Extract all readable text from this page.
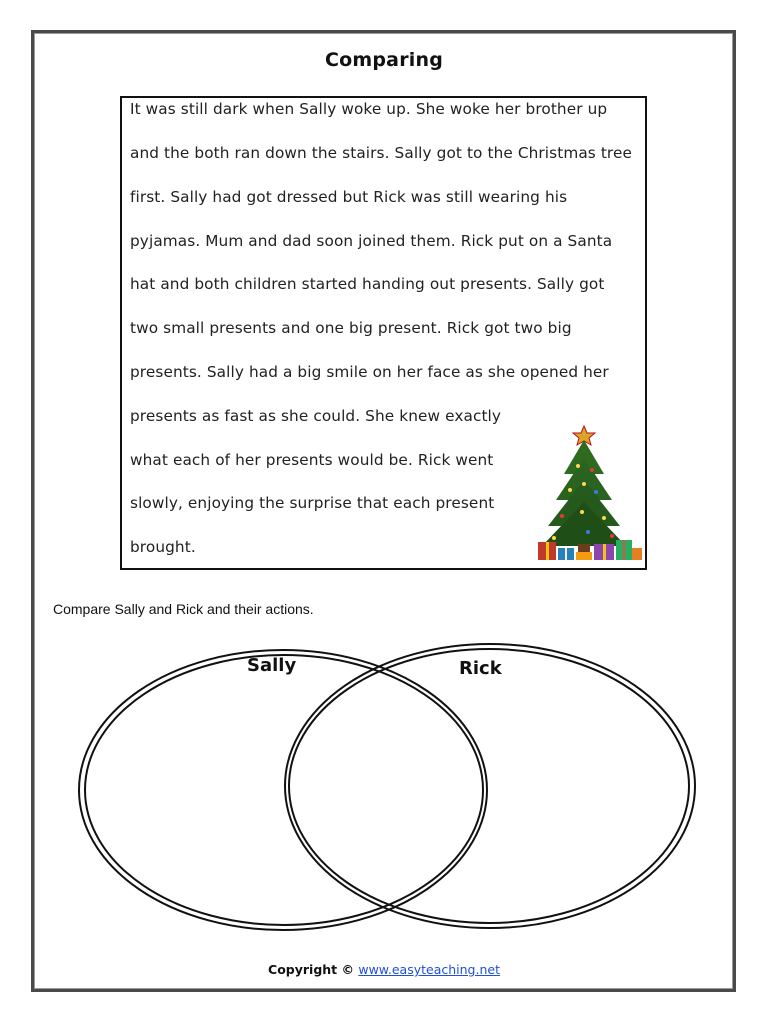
Comparing
It was still dark when Sally woke up. She woke her brother up
and the both ran down the stairs. Sally got to the Christmas tree
first. Sally had got dressed but Rick was still wearing his
pyjamas. Mum and dad soon joined them. Rick put on a Santa
hat and both children started handing out presents. Sally got
two small presents and one big present. Rick got two big
presents. Sally had a big smile on her face as she opened her
presents as fast as she could. She knew exactly
what each of her presents would be. Rick went
slowly, enjoying the surprise that each present
brought.
Compare Sally and Rick and their actions.
Sally	Rick
Copyright © www.easyteaching.net
